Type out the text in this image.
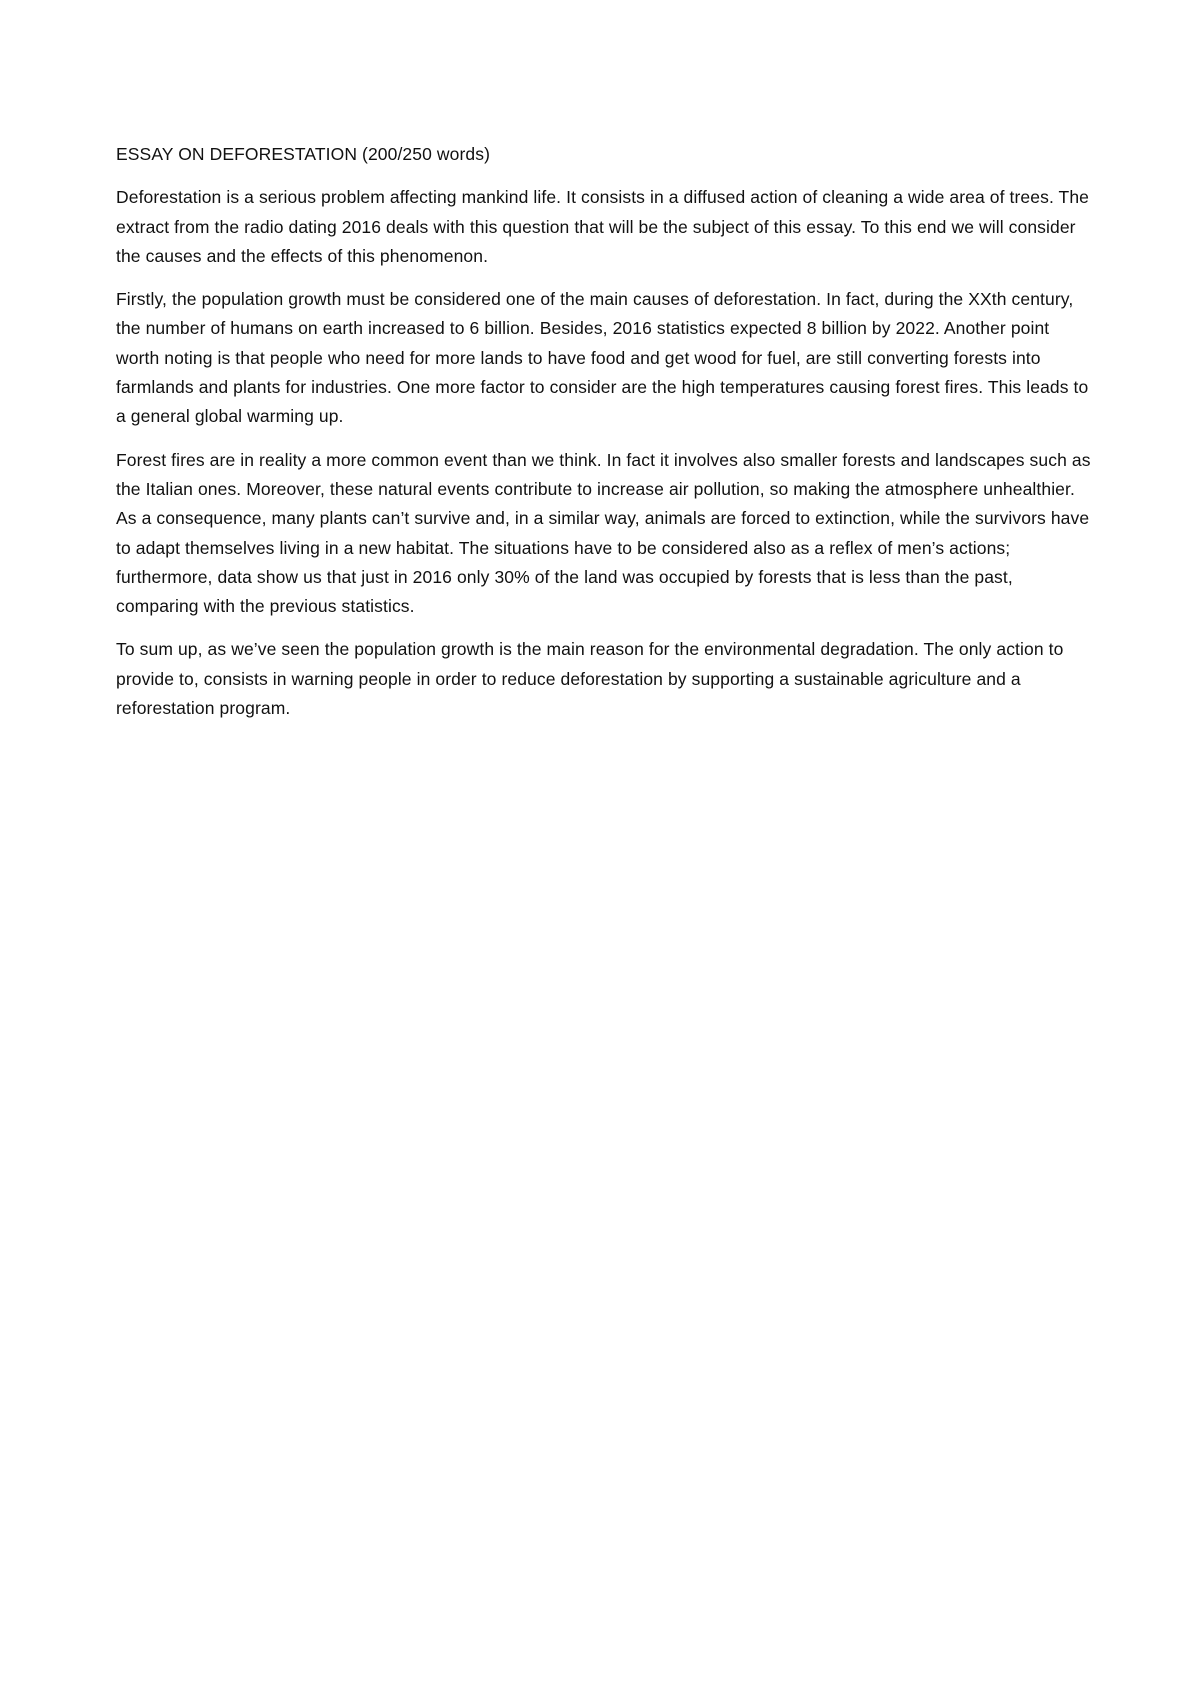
ESSAY ON DEFORESTATION (200/250 words)

Deforestation is a serious problem affecting mankind life. It consists in a diffused action of cleaning a wide area of trees. The extract from the radio dating 2016 deals with this question that will be the subject of this essay. To this end we will consider the causes and the effects of this phenomenon.

Firstly, the population growth must be considered one of the main causes of deforestation. In fact, during the XXth century, the number of humans on earth increased to 6 billion. Besides, 2016 statistics expected 8 billion by 2022. Another point worth noting is that people who need for more lands to have food and get wood for fuel, are still converting forests into farmlands and plants for industries. One more factor to consider are the high temperatures causing forest fires. This leads to a general global warming up.

Forest fires are in reality a more common event than we think. In fact it involves also smaller forests and landscapes such as the Italian ones. Moreover, these natural events contribute to increase air pollution, so making the atmosphere unhealthier. As a consequence, many plants can’t survive and, in a similar way, animals are forced to extinction, while the survivors have to adapt themselves living in a new habitat. The situations have to be considered also as a reflex of men’s actions; furthermore, data show us that just in 2016 only 30% of the land was occupied by forests that is less than the past, comparing with the previous statistics.

To sum up, as we’ve seen the population growth is the main reason for the environmental degradation. The only action to provide to, consists in warning people in order to reduce deforestation by supporting a sustainable agriculture and a reforestation program.
